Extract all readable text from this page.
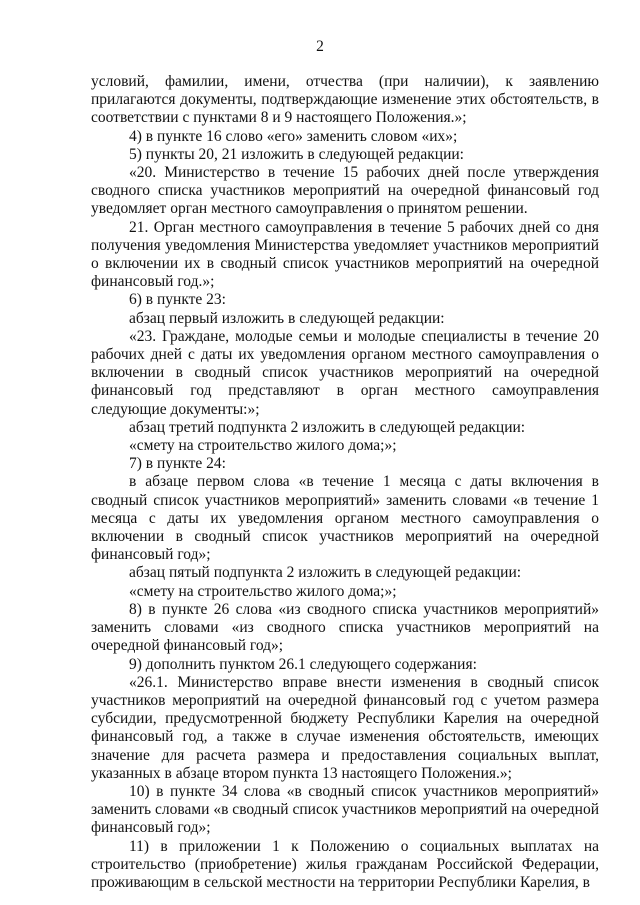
2

условий, фамилии, имени, отчества (при наличии), к заявлению прилагаются документы, подтверждающие изменение этих обстоятельств, в соответствии с пунктами 8 и 9 настоящего Положения.»;

4) в пункте 16 слово «его» заменить словом «их»;

5) пункты 20, 21 изложить в следующей редакции:

«20. Министерство в течение 15 рабочих дней после утверждения сводного списка участников мероприятий на очередной финансовый год уведомляет орган местного самоуправления о принятом решении.

21. Орган местного самоуправления в течение 5 рабочих дней со дня получения уведомления Министерства уведомляет участников мероприятий о включении их в сводный список участников мероприятий на очередной финансовый год.»;

6) в пункте 23:

абзац первый изложить в следующей редакции:

«23. Граждане, молодые семьи и молодые специалисты в течение 20 рабочих дней с даты их уведомления органом местного самоуправления о включении в сводный список участников мероприятий на очередной финансовый год представляют в орган местного самоуправления следующие документы:»;

абзац третий подпункта 2 изложить в следующей редакции:

«смету на строительство жилого дома;»;

7) в пункте 24:

в абзаце первом слова «в течение 1 месяца с даты включения в сводный список участников мероприятий» заменить словами «в течение 1 месяца с даты их уведомления органом местного самоуправления о включении в сводный список участников мероприятий на очередной финансовый год»;

абзац пятый подпункта 2 изложить в следующей редакции:

«смету на строительство жилого дома;»;

8) в пункте 26 слова «из сводного списка участников мероприятий» заменить словами «из сводного списка участников мероприятий на очередной финансовый год»;

9) дополнить пунктом 26.1 следующего содержания:

«26.1. Министерство вправе внести изменения в сводный список участников мероприятий на очередной финансовый год с учетом размера субсидии, предусмотренной бюджету Республики Карелия на очередной финансовый год, а также в случае изменения обстоятельств, имеющих значение для расчета размера и предоставления социальных выплат, указанных в абзаце втором пункта 13 настоящего Положения.»;

10) в пункте 34 слова «в сводный список участников мероприятий» заменить словами «в сводный список участников мероприятий на очередной финансовый год»;

11) в приложении 1 к Положению о социальных выплатах на строительство (приобретение) жилья гражданам Российской Федерации, проживающим в сельской местности на территории Республики Карелия, в
